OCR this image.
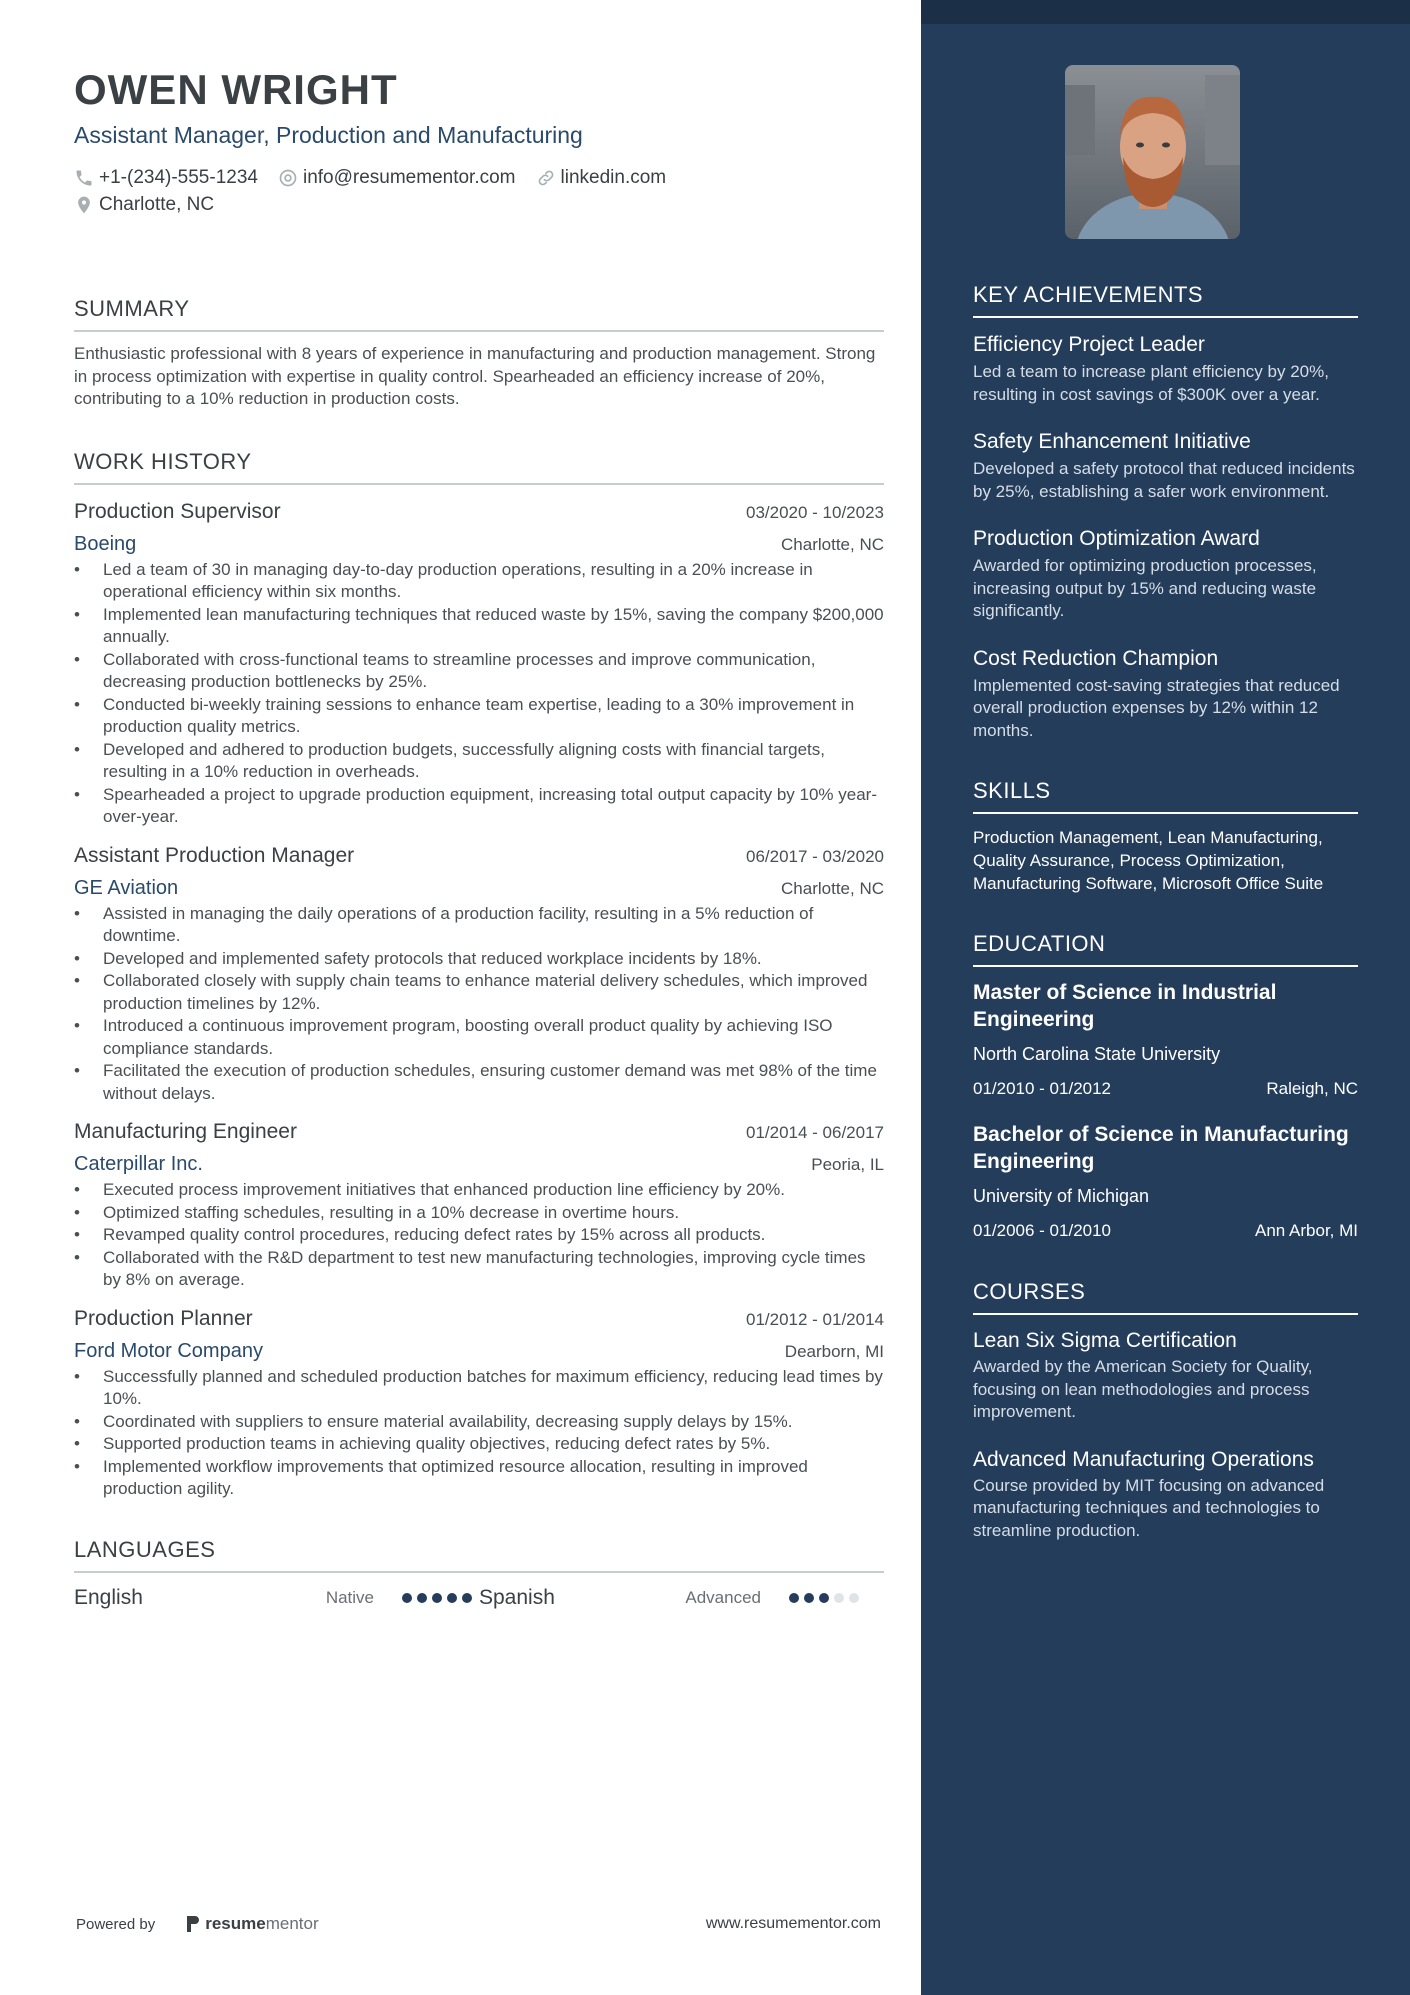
OWEN WRIGHT
Assistant Manager, Production and Manufacturing
+1-(234)-555-1234 info@resumementor.com linkedin.com
Charlotte, NC
SUMMARY
Enthusiastic professional with 8 years of experience in manufacturing and production management. Strong in process optimization with expertise in quality control. Spearheaded an efficiency increase of 20%, contributing to a 10% reduction in production costs.
WORK HISTORY
Production Supervisor	03/2020 - 10/2023
Boeing	Charlotte, NC
• Led a team of 30 in managing day-to-day production operations, resulting in a 20% increase in operational efficiency within six months.
• Implemented lean manufacturing techniques that reduced waste by 15%, saving the company $200,000 annually.
• Collaborated with cross-functional teams to streamline processes and improve communication, decreasing production bottlenecks by 25%.
• Conducted bi-weekly training sessions to enhance team expertise, leading to a 30% improvement in production quality metrics.
• Developed and adhered to production budgets, successfully aligning costs with financial targets, resulting in a 10% reduction in overheads.
• Spearheaded a project to upgrade production equipment, increasing total output capacity by 10% year-over-year.
Assistant Production Manager	06/2017 - 03/2020
GE Aviation	Charlotte, NC
• Assisted in managing the daily operations of a production facility, resulting in a 5% reduction of downtime.
• Developed and implemented safety protocols that reduced workplace incidents by 18%.
• Collaborated closely with supply chain teams to enhance material delivery schedules, which improved production timelines by 12%.
• Introduced a continuous improvement program, boosting overall product quality by achieving ISO compliance standards.
• Facilitated the execution of production schedules, ensuring customer demand was met 98% of the time without delays.
Manufacturing Engineer	01/2014 - 06/2017
Caterpillar Inc.	Peoria, IL
• Executed process improvement initiatives that enhanced production line efficiency by 20%.
• Optimized staffing schedules, resulting in a 10% decrease in overtime hours.
• Revamped quality control procedures, reducing defect rates by 15% across all products.
• Collaborated with the R&D department to test new manufacturing technologies, improving cycle times by 8% on average.
Production Planner	01/2012 - 01/2014
Ford Motor Company	Dearborn, MI
• Successfully planned and scheduled production batches for maximum efficiency, reducing lead times by 10%.
• Coordinated with suppliers to ensure material availability, decreasing supply delays by 15%.
• Supported production teams in achieving quality objectives, reducing defect rates by 5%.
• Implemented workflow improvements that optimized resource allocation, resulting in improved production agility.
LANGUAGES
English	Native	Spanish	Advanced
Powered by	resume mentor	www.resumementor.com
KEY ACHIEVEMENTS
Efficiency Project Leader
Led a team to increase plant efficiency by 20%, resulting in cost savings of $300K over a year.
Safety Enhancement Initiative
Developed a safety protocol that reduced incidents by 25%, establishing a safer work environment.
Production Optimization Award
Awarded for optimizing production processes, increasing output by 15% and reducing waste significantly.
Cost Reduction Champion
Implemented cost-saving strategies that reduced overall production expenses by 12% within 12 months.
SKILLS
Production Management, Lean Manufacturing, Quality Assurance, Process Optimization, Manufacturing Software, Microsoft Office Suite
EDUCATION
Master of Science in Industrial Engineering
North Carolina State University
01/2010 - 01/2012	Raleigh, NC
Bachelor of Science in Manufacturing Engineering
University of Michigan
01/2006 - 01/2010	Ann Arbor, MI
COURSES
Lean Six Sigma Certification
Awarded by the American Society for Quality, focusing on lean methodologies and process improvement.
Advanced Manufacturing Operations
Course provided by MIT focusing on advanced manufacturing techniques and technologies to streamline production.
